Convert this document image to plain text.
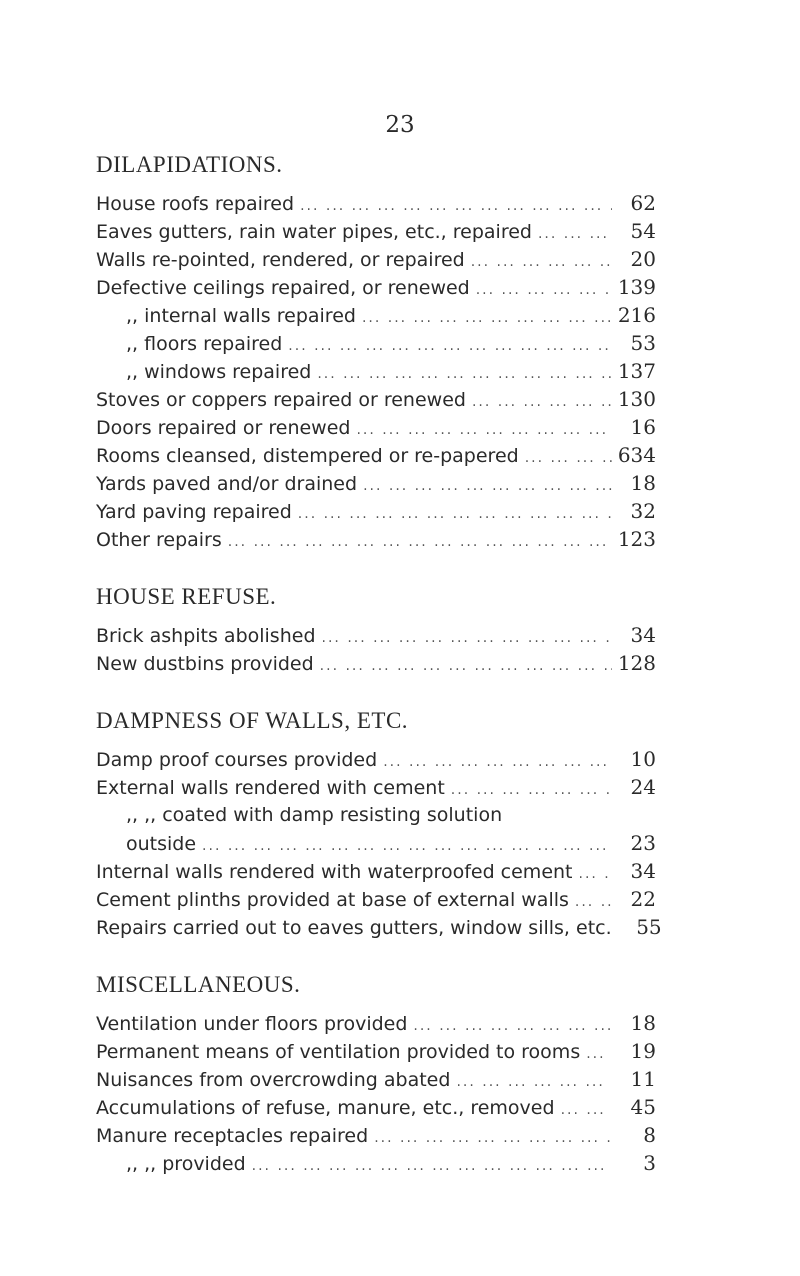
23
DILAPIDATIONS.
House roofs repaired ... .	62
Eaves gutters, rain water pipes, etc., repaired ... .	54
Walls re-pointed, rendered, or repaired ... .	20
Defective ceilings repaired, or renewed ... .	139
,, internal walls repaired ... .	216
,, floors repaired ... .	53
,, windows repaired ... .	137
Stoves or coppers repaired or renewed ... .	130
Doors repaired or renewed ... .	16
Rooms cleansed, distempered or re-papered ... .	634
Yards paved and/or drained ... .	18
Yard paving repaired ... .	32
Other repairs ... .	123
HOUSE REFUSE.
Brick ashpits abolished ... .	34
New dustbins provided ... .	128
DAMPNESS OF WALLS, ETC.
Damp proof courses provided ... .	10
External walls rendered with cement ... .	24
,, ,, coated with damp resisting solution
outside ... .	23
Internal walls rendered with waterproofed cement ... .	34
Cement plinths provided at base of external walls ... .	22
Repairs carried out to eaves gutters, window sills, etc.	55
MISCELLANEOUS.
Ventilation under floors provided ... .	18
Permanent means of ventilation provided to rooms ... .	19
Nuisances from overcrowding abated ... .	11
Accumulations of refuse, manure, etc., removed ... .	45
Manure receptacles repaired ... .	8
,, ,, provided ... .	3
